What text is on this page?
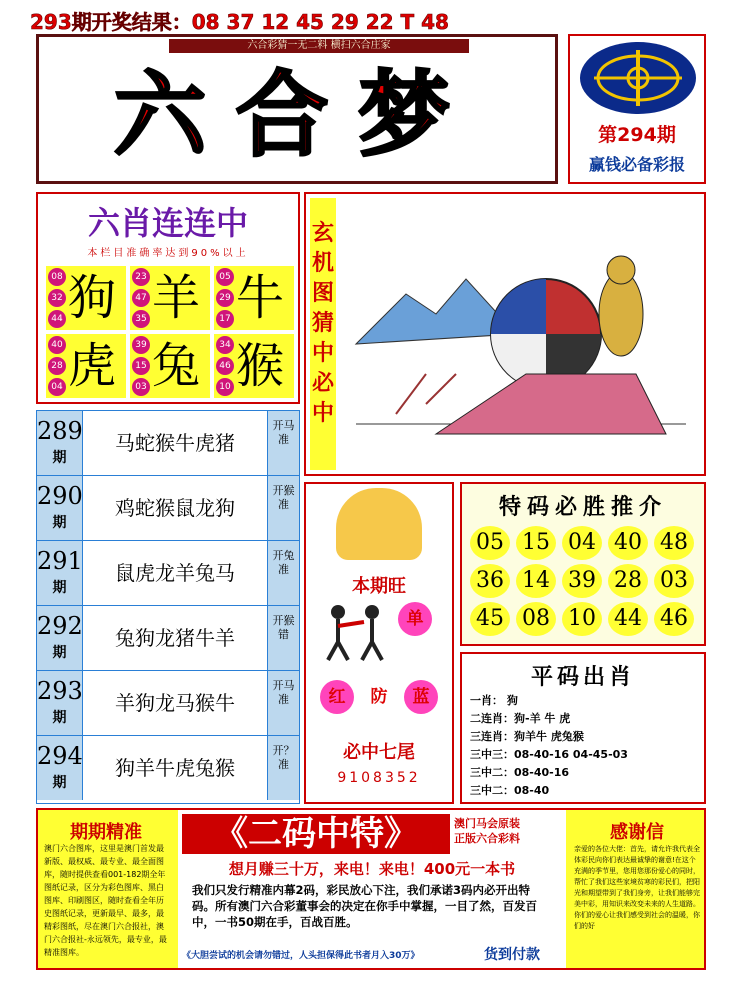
293期开奖结果：08 37 12 45 29 22 T 48
六合彩猜一无二料 横扫六合庄家
六合梦	第294期
赢钱必备彩报
六肖连连中
本栏目准确率达到90%以上
08
32
44 狗	23
47
35 羊	05
29
17 牛
40
28
04 虎	39
15
03 兔	34
46
10 猴
玄机图猜中必中
289
期
马蛇猴牛虎猪
开马准
290
期
鸡蛇猴鼠龙狗
开猴准
291
期
鼠虎龙羊兔马
开兔准
292
期
兔狗龙猪牛羊
开猴错
293
期
羊狗龙马猴牛
开马准
294
期
狗羊牛虎兔猴
开？准
本期旺
单
红	防	蓝
必中七尾
9108352
特码必胜推介
05 15 04 40 48
36 14 39 28 03
45 08 10 44 46
平码出肖
一肖： 狗
二连肖：狗-羊 牛 虎
三连肖：狗羊牛 虎兔猴
三中三：08-40-16 04-45-03
三中二：08-40-16
三中二：08-40
期期精准
澳门六合图库，这里是澳门首发最新版、最权威、最专业、最全面图库，随时提供查看001-182期全年图纸记录，区分为彩色图库、黑白图库、印刷图区，随时查看全年历史图纸记录，更新最早、最多，最精彩图纸，尽在澳门六合报社，澳门六合报社-永远领先，最专业，最精准图库。
《二码中特》	澳门马会原装
正版六合彩料
想月赚三十万，来电！来电！400元一本书
我们只发行精准内幕2码，彩民放心下注，我们承诺3码内必开出特码。所有澳门六合彩董事会的决定在你手中掌握，一目了然，百发百中，一书50期在手，百战百胜。
《大胆尝试的机会请勿错过，人头担保得此书者月入30万》	货到付款
感谢信
亲爱的各位大佬：首先，请允许我代表全体彩民向你们表达最诚挚的谢意!在这个充满的季节里，您用您那份爱心的同时，帮忙了我们这些家境贫寒的彩民们，把阳光和期望带到了我们身旁，让我们能够完美中彩，用知识来改变未来的人生道路。你们的爱心让我们感受到社会的温暖，你们的好
